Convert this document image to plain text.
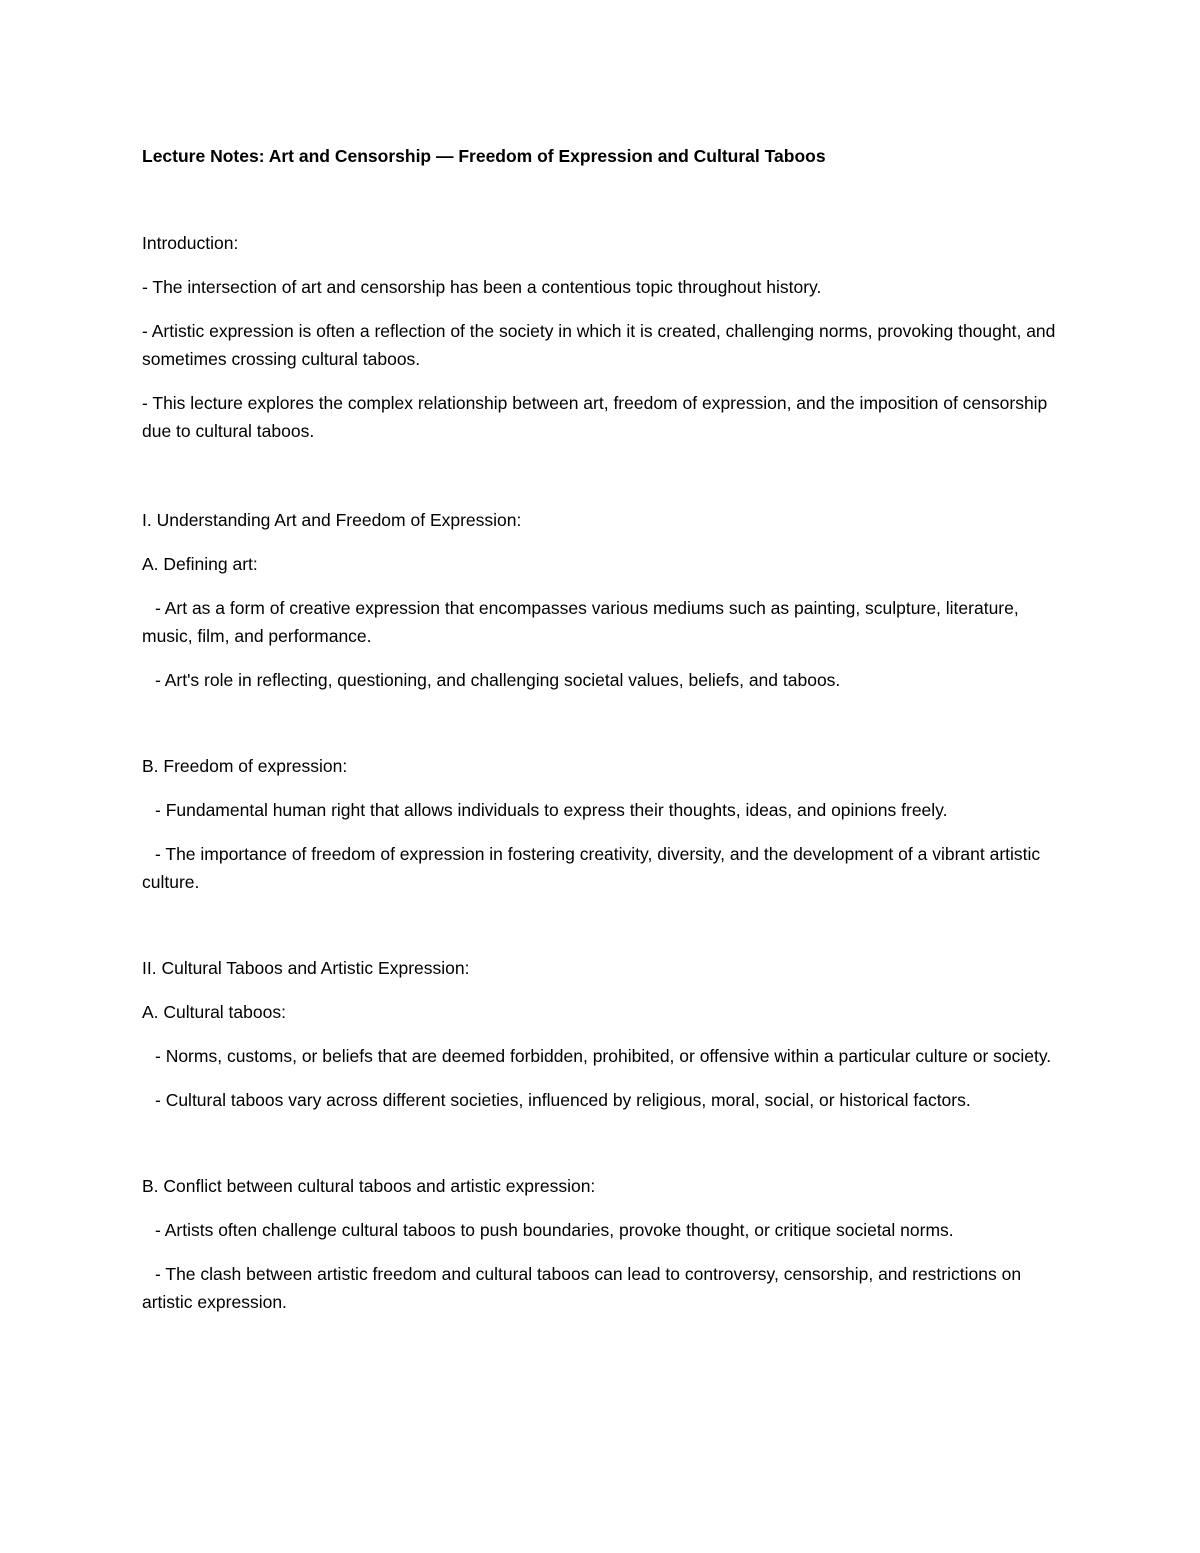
Lecture Notes: Art and Censorship — Freedom of Expression and Cultural Taboos

Introduction:

- The intersection of art and censorship has been a contentious topic throughout history.

- Artistic expression is often a reflection of the society in which it is created, challenging norms, provoking thought, and sometimes crossing cultural taboos.

- This lecture explores the complex relationship between art, freedom of expression, and the imposition of censorship due to cultural taboos.

I. Understanding Art and Freedom of Expression:

A. Defining art:

- Art as a form of creative expression that encompasses various mediums such as painting, sculpture, literature, music, film, and performance.

- Art's role in reflecting, questioning, and challenging societal values, beliefs, and taboos.

B. Freedom of expression:

- Fundamental human right that allows individuals to express their thoughts, ideas, and opinions freely.

- The importance of freedom of expression in fostering creativity, diversity, and the development of a vibrant artistic culture.

II. Cultural Taboos and Artistic Expression:

A. Cultural taboos:

- Norms, customs, or beliefs that are deemed forbidden, prohibited, or offensive within a particular culture or society.

- Cultural taboos vary across different societies, influenced by religious, moral, social, or historical factors.

B. Conflict between cultural taboos and artistic expression:

- Artists often challenge cultural taboos to push boundaries, provoke thought, or critique societal norms.

- The clash between artistic freedom and cultural taboos can lead to controversy, censorship, and restrictions on artistic expression.
